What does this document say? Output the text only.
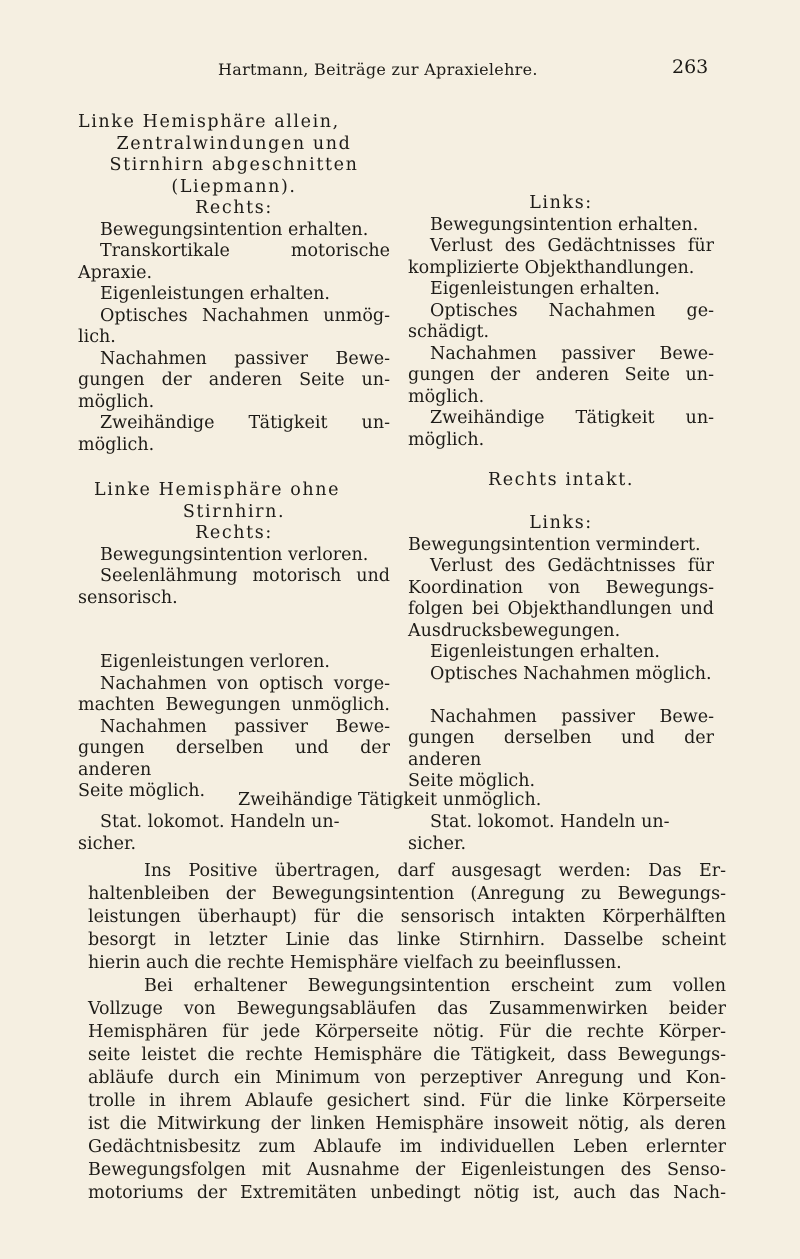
Hartmann, Beiträge zur Apraxielehre.	263
Linke Hemisphäre allein,
Zentralwindungen und
Stirnhirn abgeschnitten
(Liepmann).
Rechts:
Bewegungsintention erhalten.
Transkortikale motorische
Apraxie.
Eigenleistungen erhalten.
Optisches Nachahmen unmög-
lich.
Nachahmen passiver Bewe-
gungen der anderen Seite un-
möglich.
Zweihändige Tätigkeit un-
möglich.
Links:
Bewegungsintention erhalten.
Verlust des Gedächtnisses für
komplizierte Objekthandlungen.
Eigenleistungen erhalten.
Optisches Nachahmen ge-
schädigt.
Nachahmen passiver Bewe-
gungen der anderen Seite un-
möglich.
Zweihändige Tätigkeit un-
möglich.
Linke Hemisphäre ohne
Stirnhirn.
Rechts:
Bewegungsintention verloren.
Seelenlähmung motorisch und
sensorisch.
Eigenleistungen verloren.
Nachahmen von optisch vorge-
machten Bewegungen unmöglich.
Nachahmen passiver Bewe-
gungen derselben und der anderen
Seite möglich.
Rechts intakt.
Links:
Bewegungsintention vermindert.
Verlust des Gedächtnisses für
Koordination von Bewegungs-
folgen bei Objekthandlungen und
Ausdrucksbewegungen.
Eigenleistungen erhalten.
Optisches Nachahmen möglich.
Nachahmen passiver Bewe-
gungen derselben und der anderen
Seite möglich.
Zweihändige Tätigkeit unmöglich.
Stat. lokomot. Handeln un-
sicher.
Stat. lokomot. Handeln un-
sicher.
Ins Positive übertragen, darf ausgesagt werden: Das Er-
haltenbleiben der Bewegungsintention (Anregung zu Bewegungs-
leistungen überhaupt) für die sensorisch intakten Körperhälften
besorgt in letzter Linie das linke Stirnhirn. Dasselbe scheint
hierin auch die rechte Hemisphäre vielfach zu beeinflussen.
Bei erhaltener Bewegungsintention erscheint zum vollen
Vollzuge von Bewegungsabläufen das Zusammenwirken beider
Hemisphären für jede Körperseite nötig. Für die rechte Körper-
seite leistet die rechte Hemisphäre die Tätigkeit, dass Bewegungs-
abläufe durch ein Minimum von perzeptiver Anregung und Kon-
trolle in ihrem Ablaufe gesichert sind. Für die linke Körperseite
ist die Mitwirkung der linken Hemisphäre insoweit nötig, als deren
Gedächtnisbesitz zum Ablaufe im individuellen Leben erlernter
Bewegungsfolgen mit Ausnahme der Eigenleistungen des Senso-
motoriums der Extremitäten unbedingt nötig ist, auch das Nach-
